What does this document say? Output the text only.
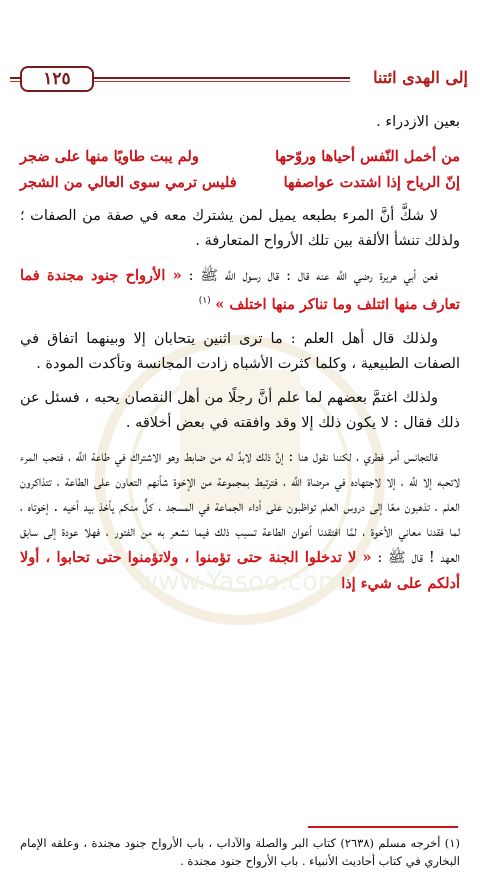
www.Yasoo.com
١٢٥	إلى الهدى ائتنا

بعين الازدراء .

من أخمل النّفس أحياها وروّحها
ولم يبت طاويًا منها على ضجر
إنّ الرياح إذا اشتدت عواصفها
فليس ترمي سوى العالي من الشجر

لا شكَّ أنَّ المرء بطبعه يميل لمن يشترك معه في صفة من الصفات ؛ ولذلك تنشأ الألفة بين تلك الأرواح المتعارفة .

فعن أبي هريرة رضي اللَّه عنه قال : قال رسول اللَّه ﷺ : « الأرواح جنود مجندة فما تعارف منها ائتلف وما تناكر منها اختلف » $^{(١)}$

ولذلك قال أهل العلم : ما ترى اثنين يتحابان إلا وبينهما اتفاق في الصفات الطبيعية ، وكلما كثرت الأشباه زادت المجانسة وتأكدت المودة .

ولذلك اغتمَّ بعضهم لما علم أنَّ رجلًا من أهل النقصان يحبه ، فسئل عن ذلك فقال : لا يكون ذلك إلا وقد وافقته في بعض أخلاقه .

فالتجانس أمر فطري ، لكننا نقول هنا : إنَّ ذلك لابدَّ له من ضابط وهو الاشتراك في طاعة اللَّه ، فتحب المرء لاتحبه إلا للَّه ، إلا لاجتهاده في مرضاة اللَّه ، فترتبط بمجموعة من الإخوة شأنهم التعاون على الطاعة ، تتذاكرون العلم ، تذهبون معًا إلى دروس العلم تواظبون على أداء الجماعة في المسجد ، كلٌّ منكم يأخذ بيد أخيه . إخوتاه ، لما فقدنا معاني الأخوة ، لمَّا افتقدنا أعوان الطاعة تسبب ذلك فيما نشعر به من الفتور ، فهلا عودة إلى سابق العهد ! قال ﷺ : « لا تدخلوا الجنة حتى تؤمنوا ، ولاتؤمنوا حتى تحابوا ، أولا أدلكم على شيء إذا

(١) أخرجه مسلم (٢٦٣٨) كتاب البر والصلة والآداب ، باب الأرواح جنود مجندة ، وعلقه الإمام البخاري في كتاب أحاديث الأنبياء . باب الأرواح جنود مجندة .
